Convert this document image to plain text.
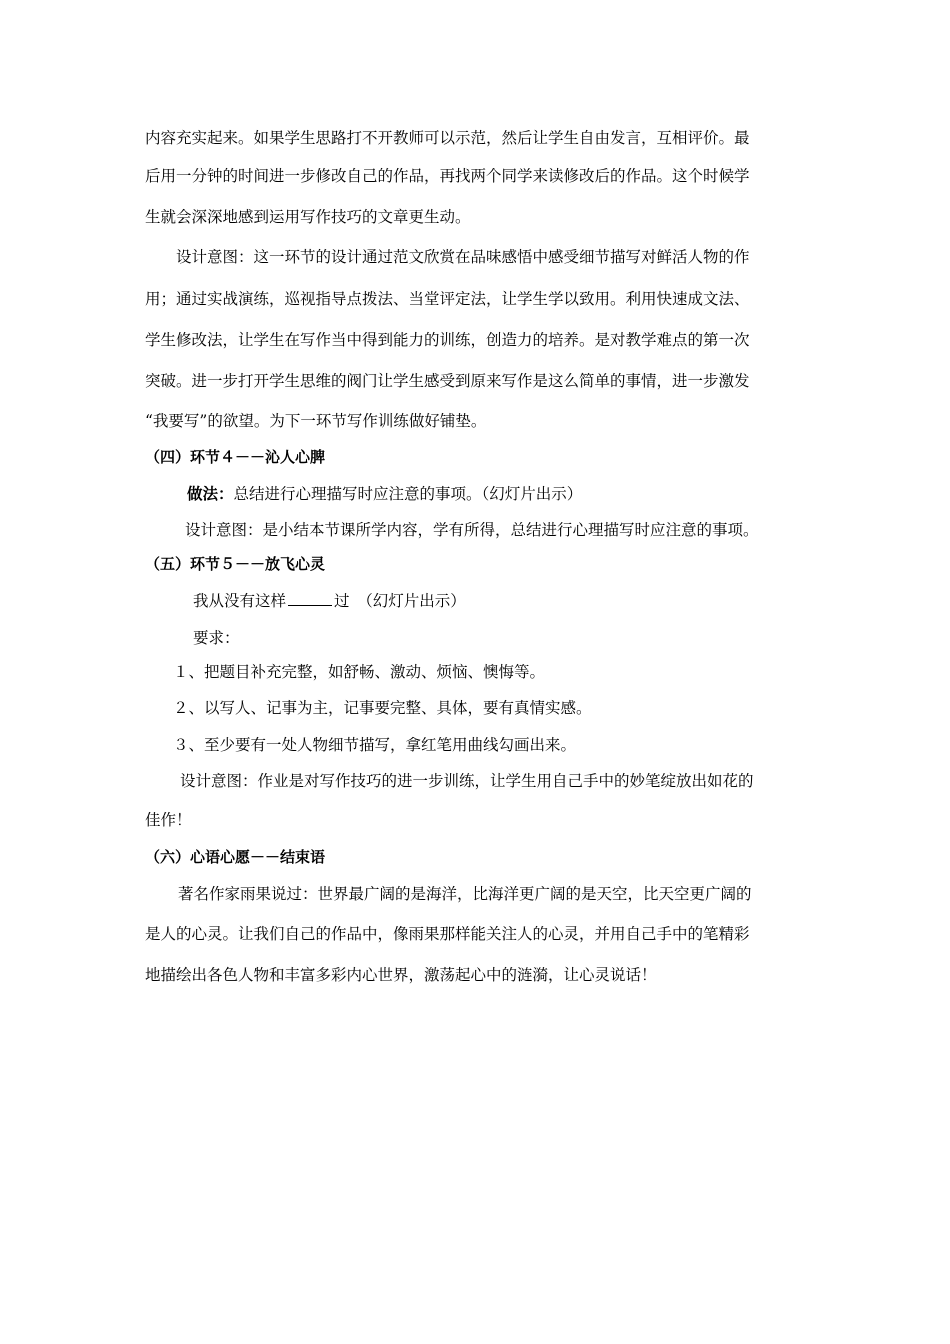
内容充实起来。如果学生思路打不开教师可以示范，然后让学生自由发言，互相评价。最
后用一分钟的时间进一步修改自己的作品，再找两个同学来读修改后的作品。这个时候学
生就会深深地感到运用写作技巧的文章更生动。
设计意图：这一环节的设计通过范文欣赏在品味感悟中感受细节描写对鲜活人物的作
用；通过实战演练，巡视指导点拨法、当堂评定法，让学生学以致用。利用快速成文法、
学生修改法，让学生在写作当中得到能力的训练，创造力的培养。是对教学难点的第一次
突破。进一步打开学生思维的阀门让学生感受到原来写作是这么简单的事情，进一步激发
“我要写”的欲望。为下一环节写作训练做好铺垫。
（四）环节４－－沁人心脾
做法：总结进行心理描写时应注意的事项。（幻灯片出示）
设计意图：是小结本节课所学内容，学有所得，总结进行心理描写时应注意的事项。
（五）环节５－－放飞心灵
我从没有这样	过　（幻灯片出示）
要求：
１、把题目补充完整，如舒畅、激动、烦恼、懊悔等。
２、以写人、记事为主，记事要完整、具体，要有真情实感。
３、至少要有一处人物细节描写，拿红笔用曲线勾画出来。
设计意图：作业是对写作技巧的进一步训练，让学生用自己手中的妙笔绽放出如花的
佳作！
（六）心语心愿－－结束语
著名作家雨果说过：世界最广阔的是海洋，比海洋更广阔的是天空，比天空更广阔的
是人的心灵。让我们自己的作品中，像雨果那样能关注人的心灵，并用自己手中的笔精彩
地描绘出各色人物和丰富多彩内心世界，激荡起心中的涟漪，让心灵说话！
